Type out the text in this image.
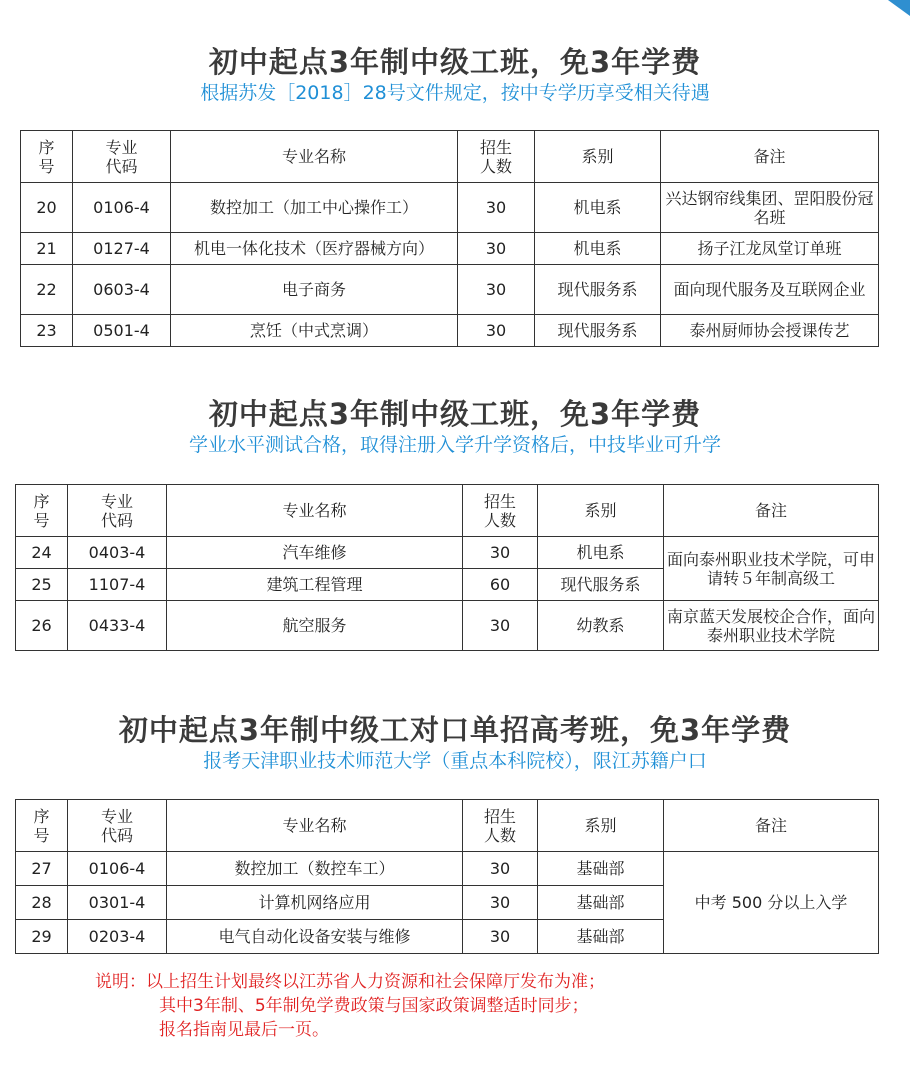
初中起点3年制中级工班，免3年学费

根据苏发［2018］28号文件规定，按中专学历享受相关待遇

序
号	专业
代码	专业名称	招生
人数	系别	备注
20	0106-4	数控加工（加工中心操作工）	30	机电系	兴达钢帘线集团、罡阳股份冠名班
21	0127-4	机电一体化技术（医疗器械方向）	30	机电系	扬子江龙凤堂订单班
22	0603-4	电子商务	30	现代服务系	面向现代服务及互联网企业
23	0501-4	烹饪（中式烹调）	30	现代服务系	泰州厨师协会授课传艺
初中起点3年制中级工班，免3年学费

学业水平测试合格，取得注册入学升学资格后，中技毕业可升学

序
号	专业
代码	专业名称	招生
人数	系别	备注
24	0403-4	汽车维修	30	机电系	面向泰州职业技术学院，可申请转５年制高级工
25	1107-4	建筑工程管理	60	现代服务系	
26	0433-4	航空服务	30	幼教系	南京蓝天发展校企合作，面向泰州职业技术学院
初中起点3年制中级工对口单招高考班，免3年学费

报考天津职业技术师范大学（重点本科院校），限江苏籍户口

序
号	专业
代码	专业名称	招生
人数	系别	备注
27	0106-4	数控加工（数控车工）	30	基础部	中考 500 分以上入学
28	0301-4	计算机网络应用	30	基础部	
29	0203-4	电气自动化设备安装与维修	30	基础部	
说明：以上招生计划最终以江苏省人力资源和社会保障厅发布为准；
其中3年制、5年制免学费政策与国家政策调整适时同步；
报名指南见最后一页。
